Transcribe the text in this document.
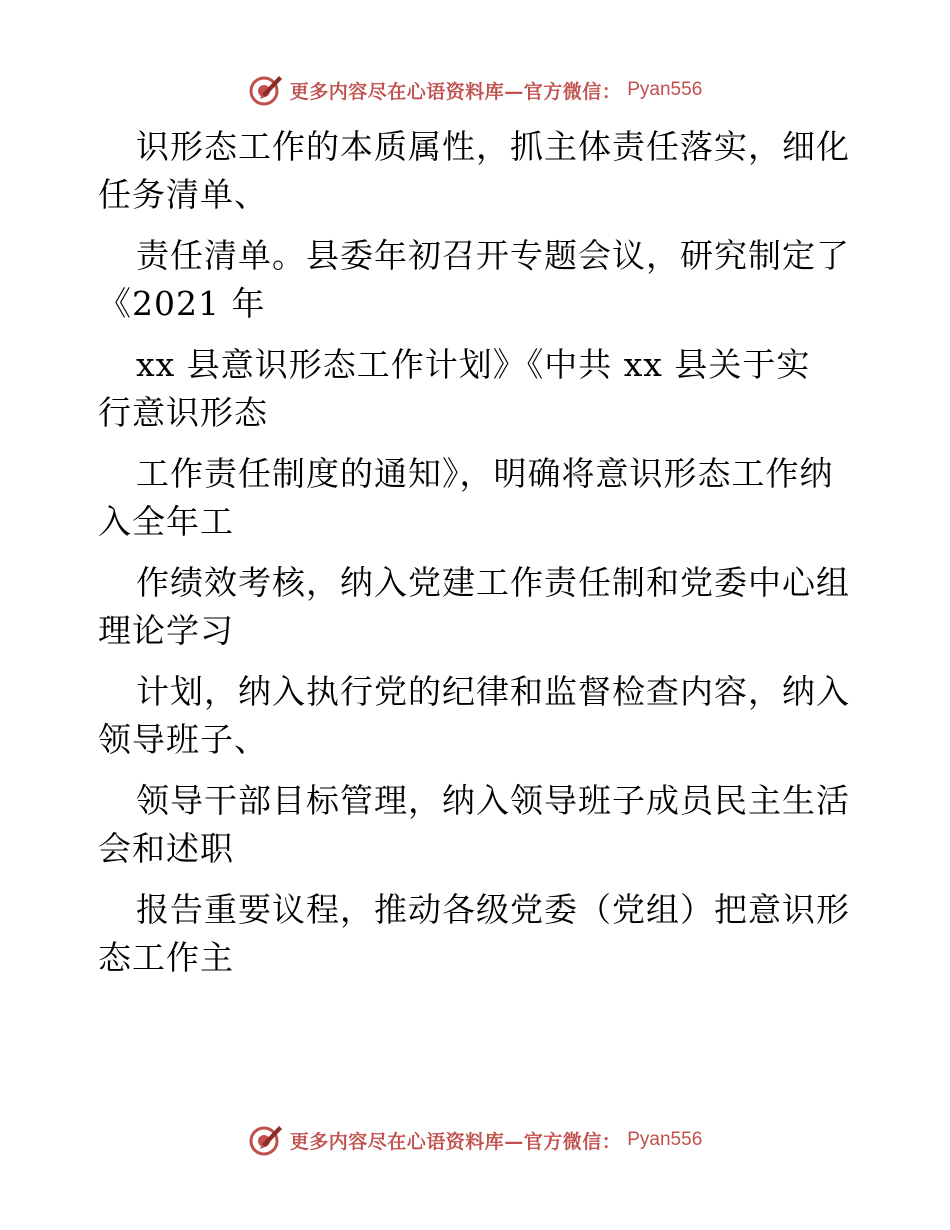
更多内容尽在心语资料库—官方微信： Pyan556
识形态工作的本质属性，抓主体责任落实，细化
任务清单、
责任清单。县委年初召开专题会议，研究制定了
《2021 年
xx 县意识形态工作计划》《中共 xx 县关于实
行意识形态
工作责任制度的通知》，明确将意识形态工作纳
入全年工
作绩效考核，纳入党建工作责任制和党委中心组
理论学习
计划，纳入执行党的纪律和监督检查内容，纳入
领导班子、
领导干部目标管理，纳入领导班子成员民主生活
会和述职
报告重要议程，推动各级党委（党组）把意识形
态工作主
更多内容尽在心语资料库—官方微信： Pyan556
